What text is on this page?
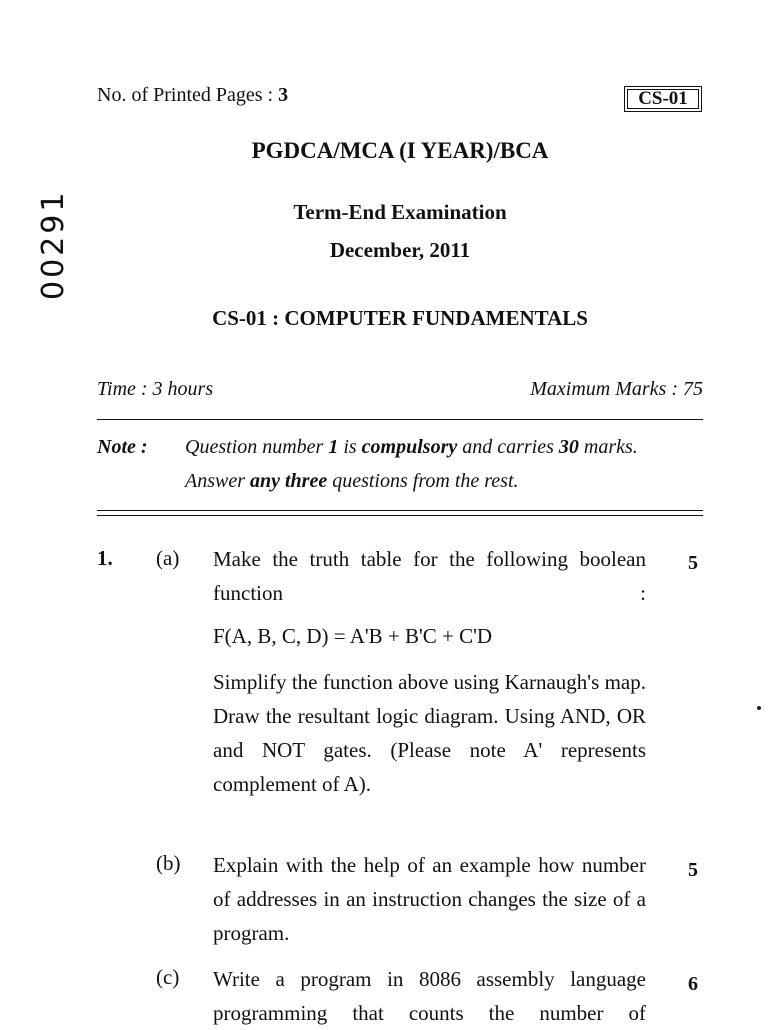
No. of Printed Pages : 3	CS-01
00291
PGDCA/MCA (I YEAR)/BCA
Term-End Examination
December, 2011
CS-01 : COMPUTER FUNDAMENTALS
Time : 3 hours	Maximum Marks : 75
Note : Question number 1 is compulsory and carries 30 marks.
Answer any three questions from the rest.
1. (a)	5
Make the truth table for the following boolean function :
F(A, B, C, D) = A'B + B'C + C'D
Simplify the function above using Karnaugh's map. Draw the resultant logic diagram. Using AND, OR and NOT gates. (Please note A' represents complement of A).
(b)	5
Explain with the help of an example how number of addresses in an instruction changes the size of a program.
(c)	6
Write a program in 8086 assembly language programming that counts the number of
